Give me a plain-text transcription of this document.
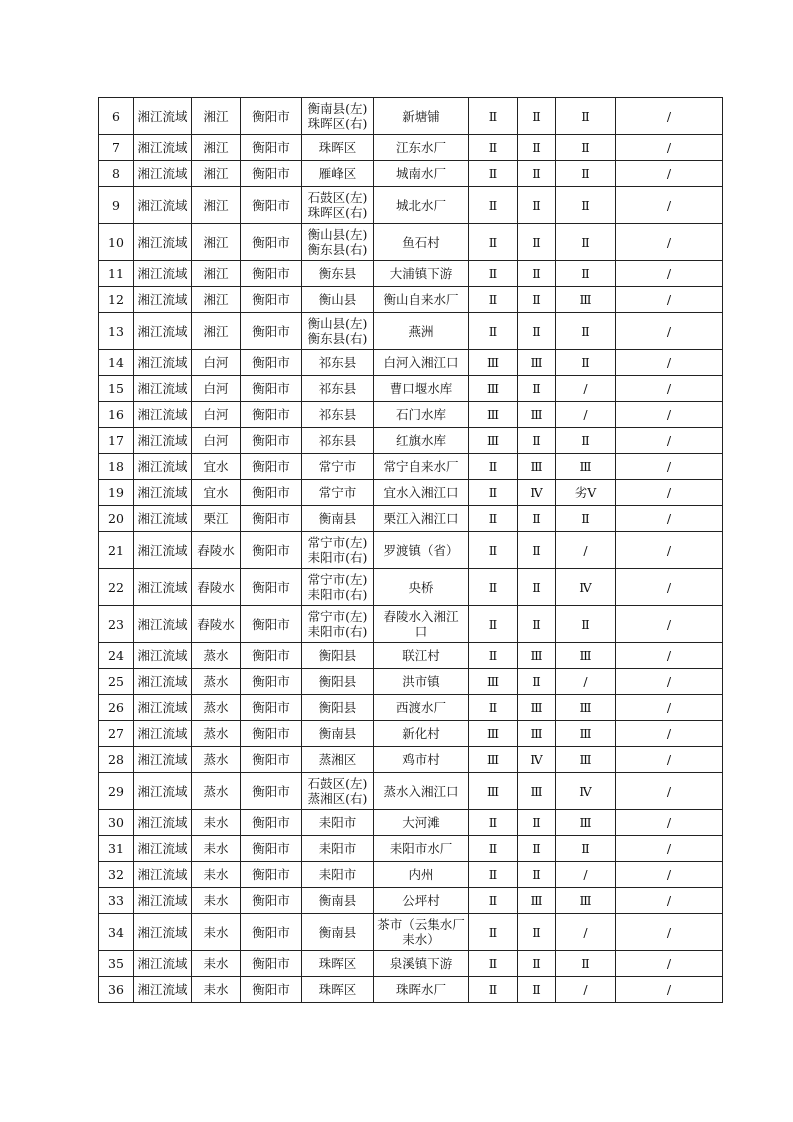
6	湘江流域	湘江	衡阳市	衡南县(左)
珠晖区(右)	新塘铺	Ⅱ	Ⅱ	Ⅱ	/
7	湘江流域	湘江	衡阳市	珠晖区	江东水厂	Ⅱ	Ⅱ	Ⅱ	/
8	湘江流域	湘江	衡阳市	雁峰区	城南水厂	Ⅱ	Ⅱ	Ⅱ	/
9	湘江流域	湘江	衡阳市	石鼓区(左)
珠晖区(右)	城北水厂	Ⅱ	Ⅱ	Ⅱ	/
10	湘江流域	湘江	衡阳市	衡山县(左)
衡东县(右)	鱼石村	Ⅱ	Ⅱ	Ⅱ	/
11	湘江流域	湘江	衡阳市	衡东县	大浦镇下游	Ⅱ	Ⅱ	Ⅱ	/
12	湘江流域	湘江	衡阳市	衡山县	衡山自来水厂	Ⅱ	Ⅱ	Ⅲ	/
13	湘江流域	湘江	衡阳市	衡山县(左)
衡东县(右)	燕洲	Ⅱ	Ⅱ	Ⅱ	/
14	湘江流域	白河	衡阳市	祁东县	白河入湘江口	Ⅲ	Ⅲ	Ⅱ	/
15	湘江流域	白河	衡阳市	祁东县	曹口堰水库	Ⅲ	Ⅱ	/	/
16	湘江流域	白河	衡阳市	祁东县	石门水库	Ⅲ	Ⅲ	/	/
17	湘江流域	白河	衡阳市	祁东县	红旗水库	Ⅲ	Ⅱ	Ⅱ	/
18	湘江流域	宜水	衡阳市	常宁市	常宁自来水厂	Ⅱ	Ⅲ	Ⅲ	/
19	湘江流域	宜水	衡阳市	常宁市	宜水入湘江口	Ⅱ	Ⅳ	劣Ⅴ	/
20	湘江流域	栗江	衡阳市	衡南县	栗江入湘江口	Ⅱ	Ⅱ	Ⅱ	/
21	湘江流域	舂陵水	衡阳市	常宁市(左)
耒阳市(右)	罗渡镇（省）	Ⅱ	Ⅱ	/	/
22	湘江流域	舂陵水	衡阳市	常宁市(左)
耒阳市(右)	央桥	Ⅱ	Ⅱ	Ⅳ	/
23	湘江流域	舂陵水	衡阳市	常宁市(左)
耒阳市(右)	舂陵水入湘江
口	Ⅱ	Ⅱ	Ⅱ	/
24	湘江流域	蒸水	衡阳市	衡阳县	联江村	Ⅱ	Ⅲ	Ⅲ	/
25	湘江流域	蒸水	衡阳市	衡阳县	洪市镇	Ⅲ	Ⅱ	/	/
26	湘江流域	蒸水	衡阳市	衡阳县	西渡水厂	Ⅱ	Ⅲ	Ⅲ	/
27	湘江流域	蒸水	衡阳市	衡南县	新化村	Ⅲ	Ⅲ	Ⅲ	/
28	湘江流域	蒸水	衡阳市	蒸湘区	鸡市村	Ⅲ	Ⅳ	Ⅲ	/
29	湘江流域	蒸水	衡阳市	石鼓区(左)
蒸湘区(右)	蒸水入湘江口	Ⅲ	Ⅲ	Ⅳ	/
30	湘江流域	耒水	衡阳市	耒阳市	大河滩	Ⅱ	Ⅱ	Ⅲ	/
31	湘江流域	耒水	衡阳市	耒阳市	耒阳市水厂	Ⅱ	Ⅱ	Ⅱ	/
32	湘江流域	耒水	衡阳市	耒阳市	内州	Ⅱ	Ⅱ	/	/
33	湘江流域	耒水	衡阳市	衡南县	公坪村	Ⅱ	Ⅲ	Ⅲ	/
34	湘江流域	耒水	衡阳市	衡南县	茶市（云集水厂
耒水）	Ⅱ	Ⅱ	/	/
35	湘江流域	耒水	衡阳市	珠晖区	泉溪镇下游	Ⅱ	Ⅱ	Ⅱ	/
36	湘江流域	耒水	衡阳市	珠晖区	珠晖水厂	Ⅱ	Ⅱ	/	/
